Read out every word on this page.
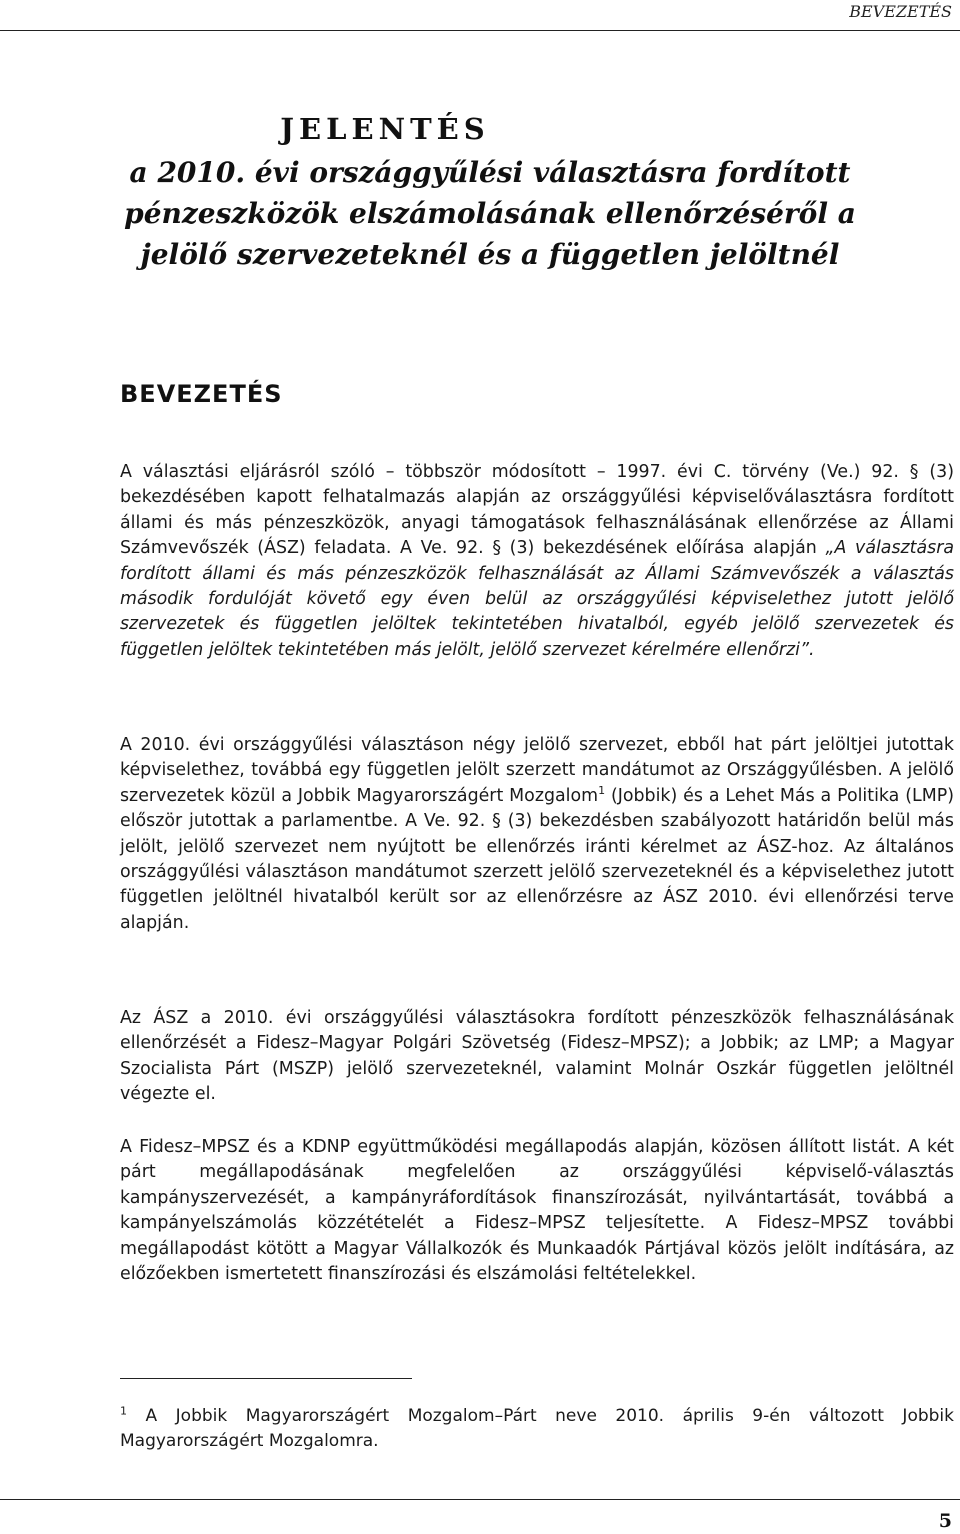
BEVEZETÉS
JELENTÉS
a 2010. évi országgyűlési választásra fordított
pénzeszközök elszámolásának ellenőrzéséről a
jelölő szervezeteknél és a független jelöltnél
BEVEZETÉS
A választási eljárásról szóló – többször módosított – 1997. évi C. törvény (Ve.) 92. § (3) bekezdésében kapott felhatalmazás alapján az országgyűlési képviselőválasztásra fordított állami és más pénzeszközök, anyagi támogatások felhasználásának ellenőrzése az Állami Számvevőszék (ÁSZ) feladata. A Ve. 92. § (3) bekezdésének előírása alapján „A választásra fordított állami és más pénzeszközök felhasználását az Állami Számvevőszék a választás második fordulóját követő egy éven belül az országgyűlési képviselethez jutott jelölő szervezetek és független jelöltek tekintetében hivatalból, egyéb jelölő szervezetek és független jelöltek tekintetében más jelölt, jelölő szervezet kérelmére ellenőrzi”.
A 2010. évi országgyűlési választáson négy jelölő szervezet, ebből hat párt jelöltjei jutottak képviselethez, továbbá egy független jelölt szerzett mandátumot az Országgyűlésben. A jelölő szervezetek közül a Jobbik Magyarországért Mozgalom$^1$ (Jobbik) és a Lehet Más a Politika (LMP) először jutottak a parlamentbe. A Ve. 92. § (3) bekezdésben szabályozott határidőn belül más jelölt, jelölő szervezet nem nyújtott be ellenőrzés iránti kérelmet az ÁSZ-hoz. Az általános országgyűlési választáson mandátumot szerzett jelölő szervezeteknél és a képviselethez jutott független jelöltnél hivatalból került sor az ellenőrzésre az ÁSZ 2010. évi ellenőrzési terve alapján.
Az ÁSZ a 2010. évi országgyűlési választásokra fordított pénzeszközök felhasználásának ellenőrzését a Fidesz–Magyar Polgári Szövetség (Fidesz–MPSZ); a Jobbik; az LMP; a Magyar Szocialista Párt (MSZP) jelölő szervezeteknél, valamint Molnár Oszkár független jelöltnél végezte el.
A Fidesz–MPSZ és a KDNP együttműködési megállapodás alapján, közösen állított listát. A két párt megállapodásának megfelelően az országgyűlési képviselő-választás kampányszervezését, a kampányráfordítások finanszírozását, nyilvántartását, továbbá a kampányelszámolás közzétételét a Fidesz–MPSZ teljesítette. A Fidesz–MPSZ további megállapodást kötött a Magyar Vállalkozók és Munkaadók Pártjával közös jelölt indítására, az előzőekben ismertetett finanszírozási és elszámolási feltételekkel.
$^1$ A Jobbik Magyarországért Mozgalom–Párt neve 2010. április 9-én változott Jobbik Magyarországért Mozgalomra.
5
